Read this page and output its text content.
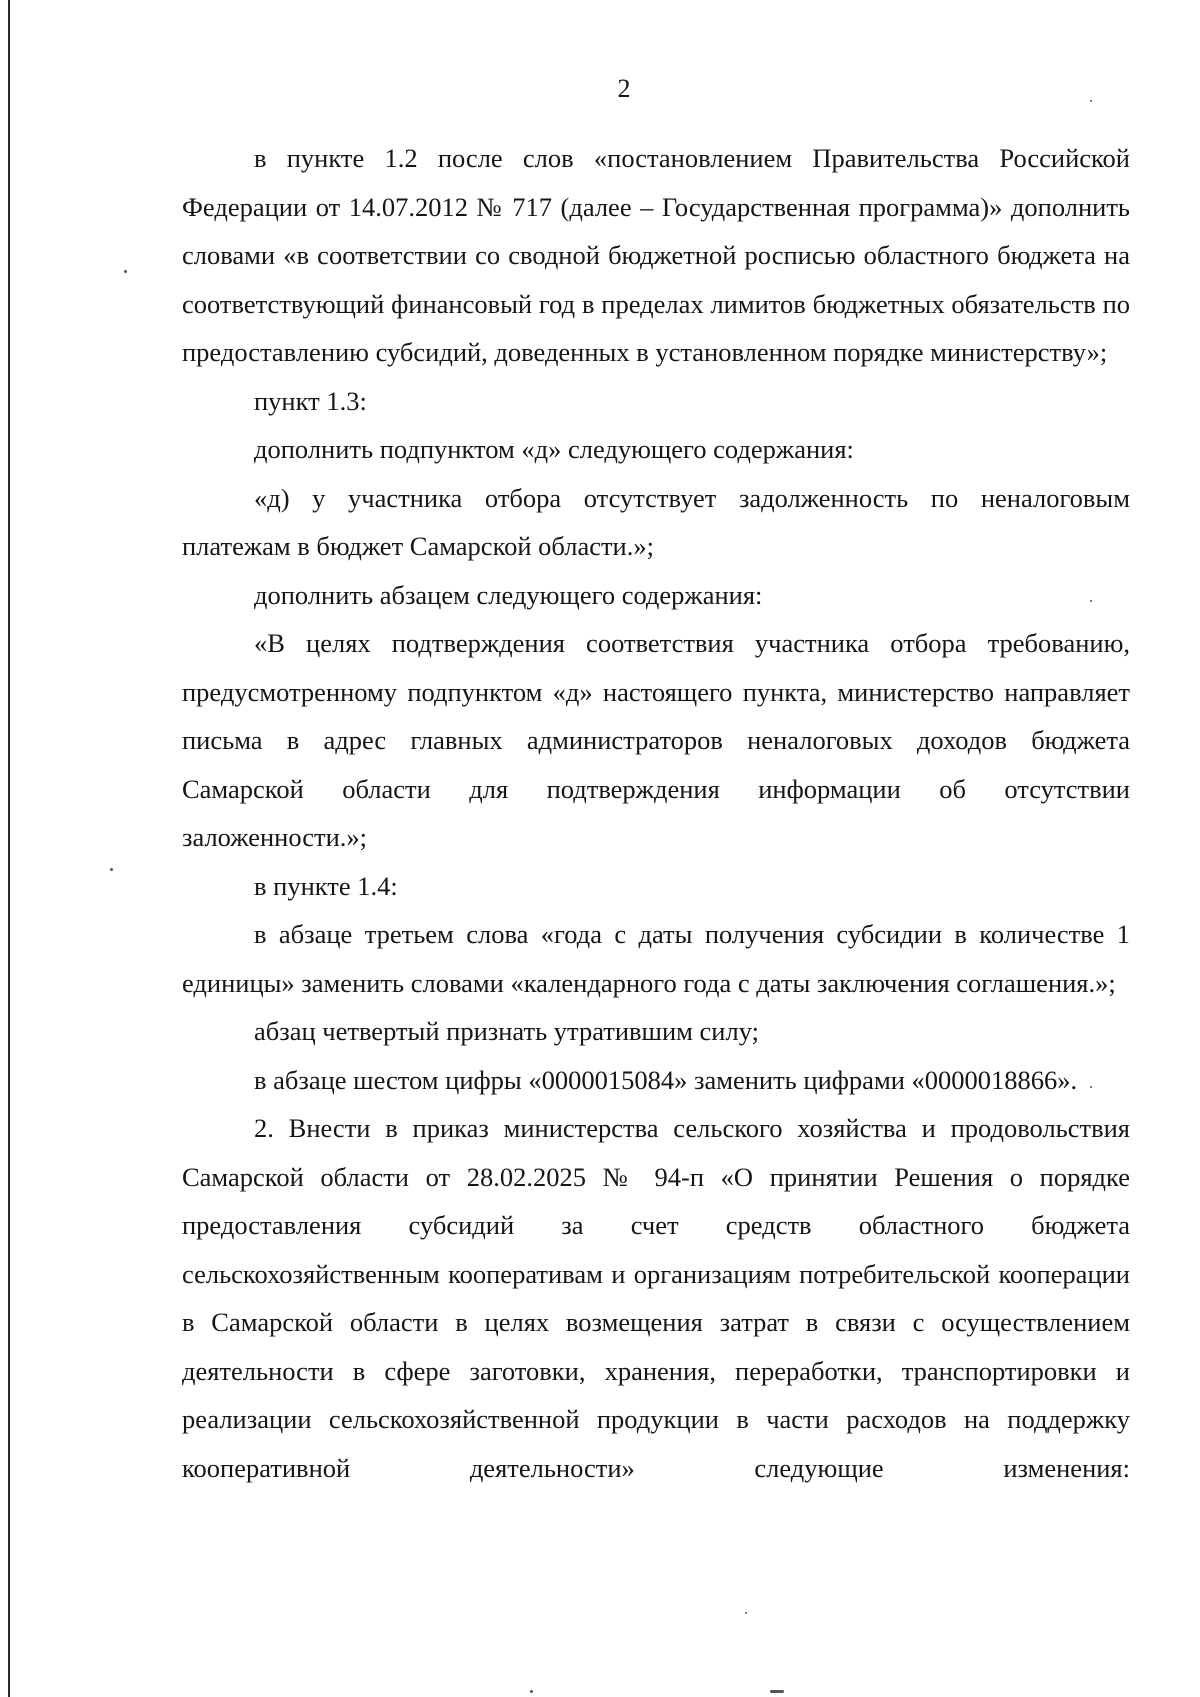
2

в пункте 1.2 после слов «постановлением Правительства Российской Федерации от 14.07.2012 № 717 (далее – Государственная программа)» дополнить словами «в соответствии со сводной бюджетной росписью областного бюджета на соответствующий финансовый год в пределах лимитов бюджетных обязательств по предоставлению субсидий, доведенных в установленном порядке министерству»;

пункт 1.3:

дополнить подпунктом «д» следующего содержания:

«д) у участника отбора отсутствует задолженность по неналоговым платежам в бюджет Самарской области.»;

дополнить абзацем следующего содержания:

«В целях подтверждения соответствия участника отбора требованию, предусмотренному подпунктом «д» настоящего пункта, министерство направляет письма в адрес главных администраторов неналоговых доходов бюджета Самарской области для подтверждения информации об отсутствии заложенности.»;

в пункте 1.4:

в абзаце третьем слова «года с даты получения субсидии в количестве 1 единицы» заменить словами «календарного года с даты заключения соглашения.»;

абзац четвертый признать утратившим силу;

в абзаце шестом цифры «0000015084» заменить цифрами «0000018866».

2. Внести в приказ министерства сельского хозяйства и продовольствия Самарской области от 28.02.2025 № 94-п «О принятии Решения о порядке предоставления субсидий за счет средств областного бюджета сельскохозяйственным кооперативам и организациям потребительской кооперации в Самарской области в целях возмещения затрат в связи с осуществлением деятельности в сфере заготовки, хранения, переработки, транспортировки и реализации сельскохозяйственной продукции в части расходов на поддержку кооперативной деятельности» следующие изменения:
